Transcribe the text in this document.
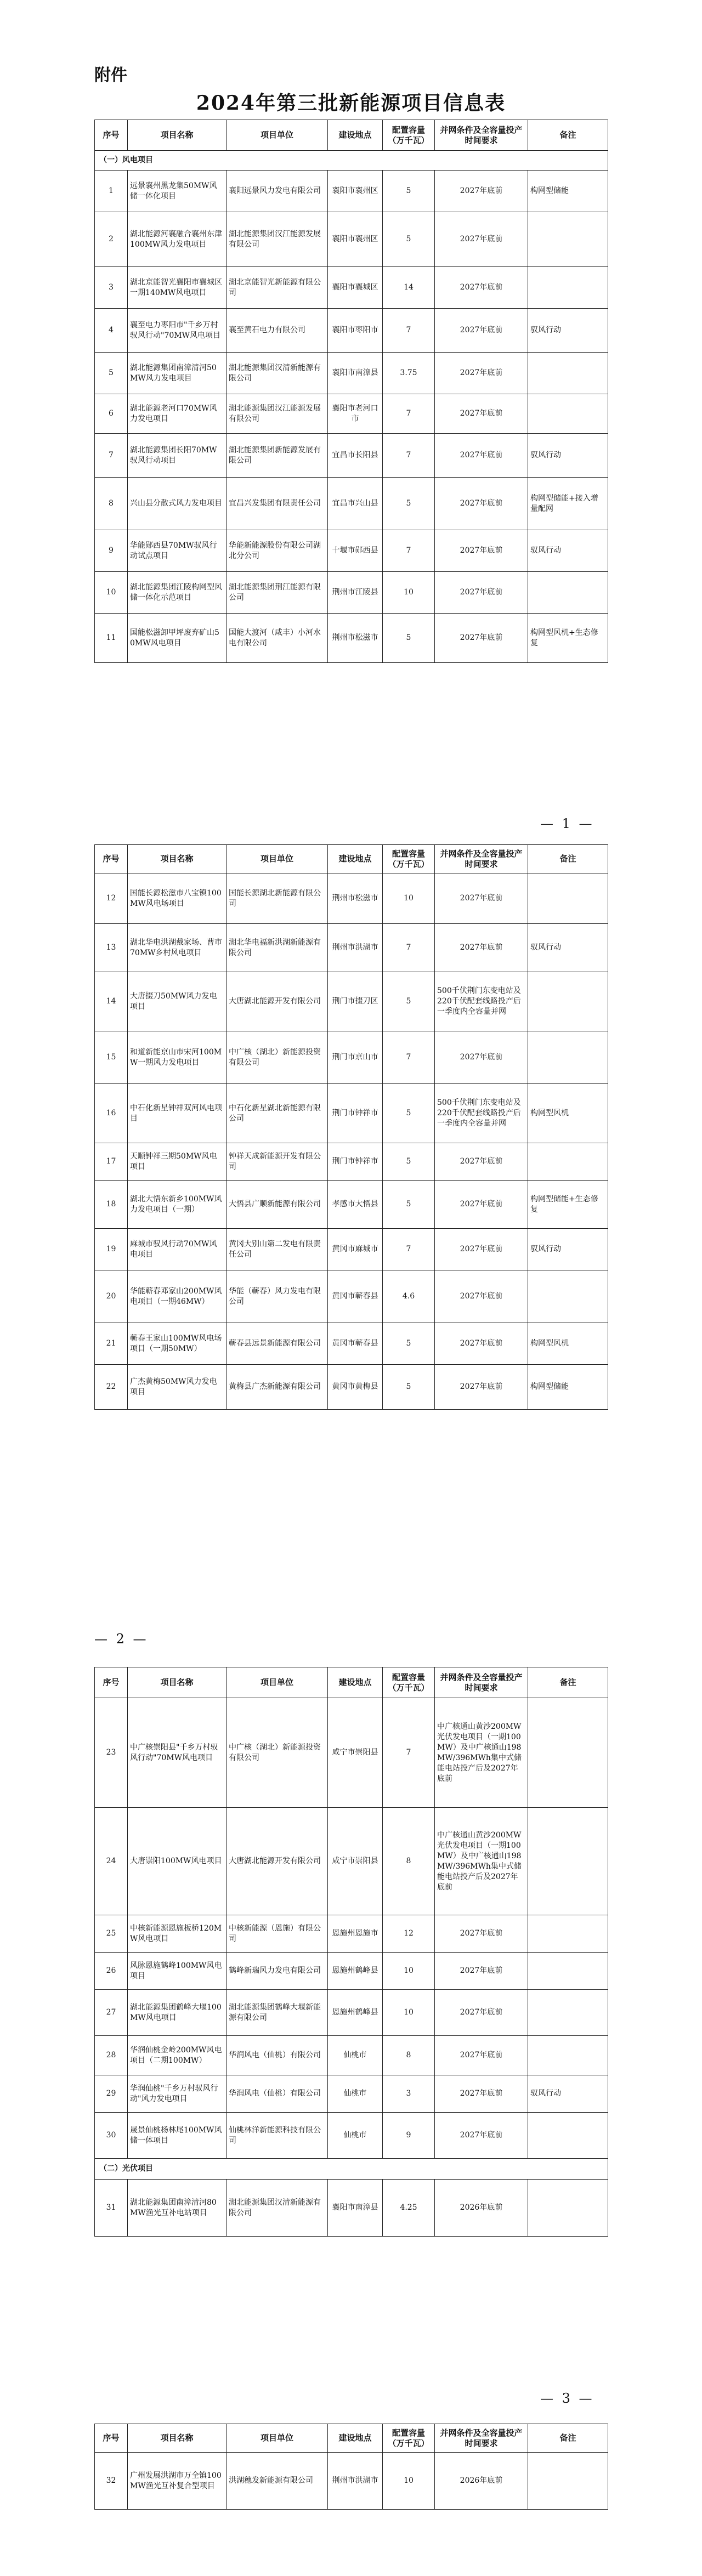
附件
2024年第三批新能源项目信息表
序号	项目名称	项目单位	建设地点	配置容量（万千瓦）	并网条件及全容量投产时间要求	备注
（一）风电项目						
1	远景襄州黑龙集50MW风储一体化项目	襄阳远景风力发电有限公司	襄阳市襄州区	5	2027年底前	构网型储能
2	湖北能源河襄融合襄州东津100MW风力发电项目	湖北能源集团汉江能源发展有限公司	襄阳市襄州区	5	2027年底前	
3	湖北京能智光襄阳市襄城区一期140MW风电项目	湖北京能智光新能源有限公司	襄阳市襄城区	14	2027年底前	
4	襄至电力枣阳市"千乡万村驭风行动"70MW风电项目	襄至黄石电力有限公司	襄阳市枣阳市	7	2027年底前	驭风行动
5	湖北能源集团南漳清河50MW风力发电项目	湖北能源集团汉清新能源有限公司	襄阳市南漳县	3.75	2027年底前	
6	湖北能源老河口70MW风力发电项目	湖北能源集团汉江能源发展有限公司	襄阳市老河口市	7	2027年底前	
7	湖北能源集团长阳70MW驭风行动项目	湖北能源集团新能源发展有限公司	宜昌市长阳县	7	2027年底前	驭风行动
8	兴山县分散式风力发电项目	宜昌兴发集团有限责任公司	宜昌市兴山县	5	2027年底前	构网型储能+接入增量配网
9	华能郧西县70MW驭风行动试点项目	华能新能源股份有限公司湖北分公司	十堰市郧西县	7	2027年底前	驭风行动
10	湖北能源集团江陵构网型风储一体化示范项目	湖北能源集团荆江能源有限公司	荆州市江陵县	10	2027年底前	
11	国能松滋卸甲坪废弃矿山50MW风电项目	国能大渡河（咸丰）小河水电有限公司	荆州市松滋市	5	2027年底前	构网型风机+生态修复
— 1 —
序号	项目名称	项目单位	建设地点	配置容量（万千瓦）	并网条件及全容量投产时间要求	备注
12	国能长源松滋市八宝镇100MW风电场项目	国能长源湖北新能源有限公司	荆州市松滋市	10	2027年底前	
13	湖北华电洪湖戴家场、曹市70MW乡村风电项目	湖北华电福新洪湖新能源有限公司	荆州市洪湖市	7	2027年底前	驭风行动
14	大唐掇刀50MW风力发电项目	大唐湖北能源开发有限公司	荆门市掇刀区	5	500千伏荆门东变电站及220千伏配套线路投产后一季度内全容量并网	
15	和道新能京山市宋河100MW一期风力发电项目	中广核（湖北）新能源投资有限公司	荆门市京山市	7	2027年底前	
16	中石化新星钟祥双河风电项目	中石化新星湖北新能源有限公司	荆门市钟祥市	5	500千伏荆门东变电站及220千伏配套线路投产后一季度内全容量并网	构网型风机
17	天顺钟祥三期50MW风电项目	钟祥天成新能源开发有限公司	荆门市钟祥市	5	2027年底前	
18	湖北大悟东新乡100MW风力发电项目（一期）	大悟县广顺新能源有限公司	孝感市大悟县	5	2027年底前	构网型储能+生态修复
19	麻城市驭风行动70MW风电项目	黄冈大别山第二发电有限责任公司	黄冈市麻城市	7	2027年底前	驭风行动
20	华能蕲春邓家山200MW风电项目（一期46MW）	华能（蕲春）风力发电有限公司	黄冈市蕲春县	4.6	2027年底前	
21	蕲春王家山100MW风电场项目（一期50MW）	蕲春县远景新能源有限公司	黄冈市蕲春县	5	2027年底前	构网型风机
22	广杰黄梅50MW风力发电项目	黄梅县广杰新能源有限公司	黄冈市黄梅县	5	2027年底前	构网型储能
— 2 —
序号	项目名称	项目单位	建设地点	配置容量（万千瓦）	并网条件及全容量投产时间要求	备注
23	中广核崇阳县"千乡万村驭风行动"70MW风电项目	中广核（湖北）新能源投资有限公司	咸宁市崇阳县	7	中广核通山黄沙200MW光伏发电项目（一期100MW）及中广核通山198MW/396MWh集中式储能电站投产后及2027年底前	
24	大唐崇阳100MW风电项目	大唐湖北能源开发有限公司	咸宁市崇阳县	8	中广核通山黄沙200MW光伏发电项目（一期100MW）及中广核通山198MW/396MWh集中式储能电站投产后及2027年底前	
25	中核新能源恩施板桥120MW风电项目	中核新能源（恩施）有限公司	恩施州恩施市	12	2027年底前	
26	风脉恩施鹤峰100MW风电项目	鹤峰新瑞风力发电有限公司	恩施州鹤峰县	10	2027年底前	
27	湖北能源集团鹤峰大堰100MW风电项目	湖北能源集团鹤峰大堰新能源有限公司	恩施州鹤峰县	10	2027年底前	
28	华润仙桃金岭200MW风电项目（二期100MW）	华润风电（仙桃）有限公司	仙桃市	8	2027年底前	
29	华润仙桃"千乡万村驭风行动"风力发电项目	华润风电（仙桃）有限公司	仙桃市	3	2027年底前	驭风行动
30	晟景仙桃杨林尾100MW风储一体项目	仙桃林洋新能源科技有限公司	仙桃市	9	2027年底前	
（二）光伏项目						
31	湖北能源集团南漳清河80MW渔光互补电站项目	湖北能源集团汉清新能源有限公司	襄阳市南漳县	4.25	2026年底前	
— 3 —
序号	项目名称	项目单位	建设地点	配置容量（万千瓦）	并网条件及全容量投产时间要求	备注
32	广州发展洪湖市万全镇100MW渔光互补复合型项目	洪湖穗发新能源有限公司	荆州市洪湖市	10	2026年底前	
